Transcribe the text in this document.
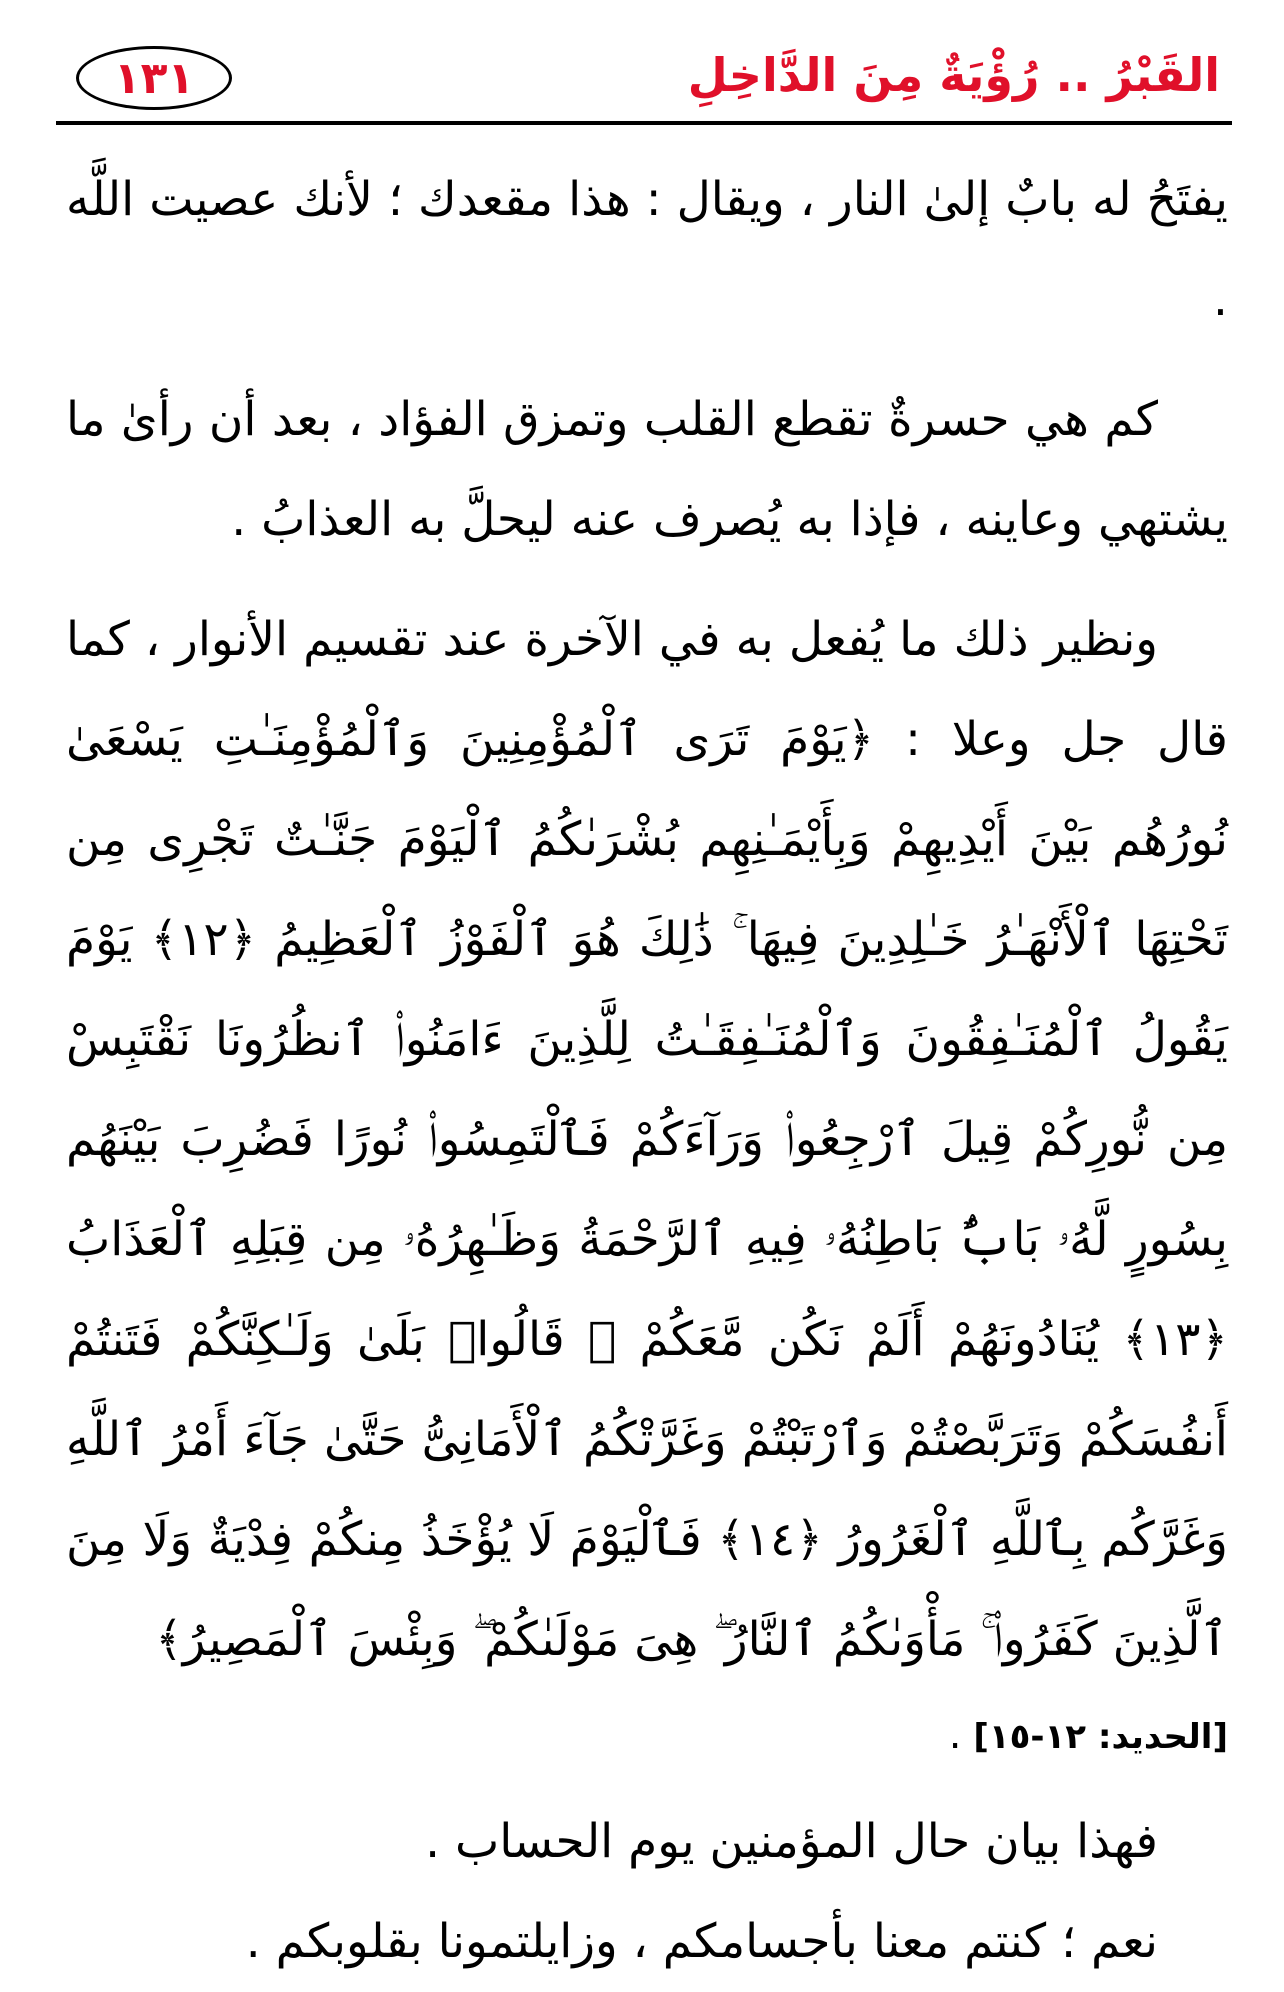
١٣١	القَبْرُ .. رُؤْيَةٌ مِنَ الدَّاخِلِ

يفتَحُ له بابٌ إلىٰ النار ، ويقال : هذا مقعدك ؛ لأنك عصيت اللَّه .

كم هي حسرةٌ تقطع القلب وتمزق الفؤاد ، بعد أن رأىٰ ما يشتهي وعاينه ، فإذا به يُصرف عنه ليحلَّ به العذابُ .

ونظير ذلك ما يُفعل به في الآخرة عند تقسيم الأنوار ، كما قال جل وعلا : ﴿يَوْمَ تَرَى ٱلْمُؤْمِنِينَ وَٱلْمُؤْمِنَـٰتِ يَسْعَىٰ نُورُهُم بَيْنَ أَيْدِيهِمْ وَبِأَيْمَـٰنِهِم بُشْرَىٰكُمُ ٱلْيَوْمَ جَنَّـٰتٌ تَجْرِى مِن تَحْتِهَا ٱلْأَنْهَـٰرُ خَـٰلِدِينَ فِيهَا ۚ ذَٰلِكَ هُوَ ٱلْفَوْزُ ٱلْعَظِيمُ ﴿١٢﴾ يَوْمَ يَقُولُ ٱلْمُنَـٰفِقُونَ وَٱلْمُنَـٰفِقَـٰتُ لِلَّذِينَ ءَامَنُوا۟ ٱنظُرُونَا نَقْتَبِسْ مِن نُّورِكُمْ قِيلَ ٱرْجِعُوا۟ وَرَآءَكُمْ فَٱلْتَمِسُوا۟ نُورًا فَضُرِبَ بَيْنَهُم بِسُورٍ لَّهُۥ بَابٌۢ بَاطِنُهُۥ فِيهِ ٱلرَّحْمَةُ وَظَـٰهِرُهُۥ مِن قِبَلِهِ ٱلْعَذَابُ ﴿١٣﴾ يُنَادُونَهُمْ أَلَمْ نَكُن مَّعَكُمْ ۖ قَالُوا۟ بَلَىٰ وَلَـٰكِنَّكُمْ فَتَنتُمْ أَنفُسَكُمْ وَتَرَبَّصْتُمْ وَٱرْتَبْتُمْ وَغَرَّتْكُمُ ٱلْأَمَانِىُّ حَتَّىٰ جَآءَ أَمْرُ ٱللَّهِ وَغَرَّكُم بِٱللَّهِ ٱلْغَرُورُ ﴿١٤﴾ فَٱلْيَوْمَ لَا يُؤْخَذُ مِنكُمْ فِدْيَةٌ وَلَا مِنَ ٱلَّذِينَ كَفَرُوا۟ ۚ مَأْوَىٰكُمُ ٱلنَّارُ ۖ هِىَ مَوْلَىٰكُمْ ۖ وَبِئْسَ ٱلْمَصِيرُ﴾

[الحديد: ١٢-١٥] .

فهذا بيان حال المؤمنين يوم الحساب .

نعم ؛ كنتم معنا بأجسامكم ، وزايلتمونا بقلوبكم .
